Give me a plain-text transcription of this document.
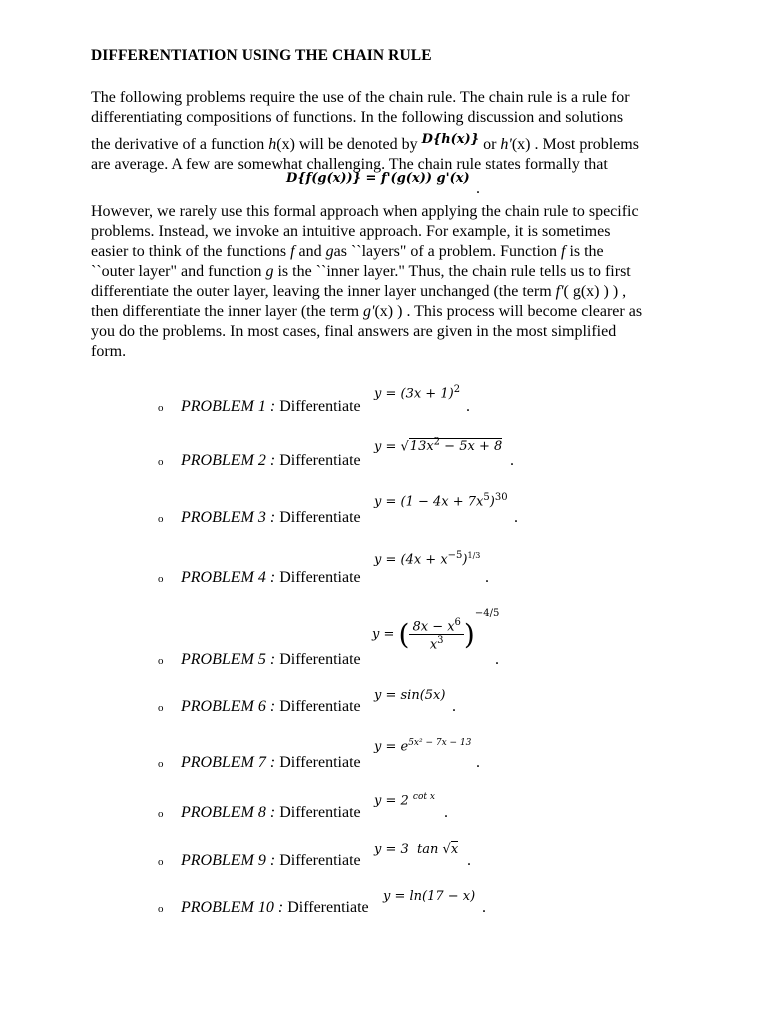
DIFFERENTIATION USING THE CHAIN RULE
The following problems require the use of the chain rule. The chain rule is a rule for
differentiating compositions of functions. In the following discussion and solutions
the derivative of a function h(x) will be denoted by D{h(x)} or h'(x) . Most problems
are average. A few are somewhat challenging. The chain rule states formally that
D{f(g(x))} = f'(g(x)) g'(x)
.
However, we rarely use this formal approach when applying the chain rule to specific
problems. Instead, we invoke an intuitive approach. For example, it is sometimes
easier to think of the functions f and gas ``layers" of a problem. Function f is the
``outer layer" and function g is the ``inner layer." Thus, the chain rule tells us to first
differentiate the outer layer, leaving the inner layer unchanged (the term f'( g(x) ) ) ,
then differentiate the inner layer (the term g'(x) ) . This process will become clearer as
you do the problems. In most cases, final answers are given in the most simplified
form.
o PROBLEM 1 : Differentiate
$y = (3x + 1)^2$
.
o PROBLEM 2 : Differentiate
$y = √13x^2 - 5x + 8$
.
o PROBLEM 3 : Differentiate
$y = (1 - 4x + 7x^5)^{30}$
.
o PROBLEM 4 : Differentiate
$y = (4x + x^{-5})^{1/3}$
.
o PROBLEM 5 : Differentiate
y = ( $\frac{8x - x^6}{x^3} )^{-4/5}$
.
o PROBLEM 6 : Differentiate
y = sin(5x)
.
o PROBLEM 7 : Differentiate
$y = e^{5x^2 - 7x - 13}$
.
o PROBLEM 8 : Differentiate
y = 2 $^{cot x}$
.
o PROBLEM 9 : Differentiate
y = 3  tan √x
.
o PROBLEM 10 : Differentiate
y = ln(17 − x)
.
